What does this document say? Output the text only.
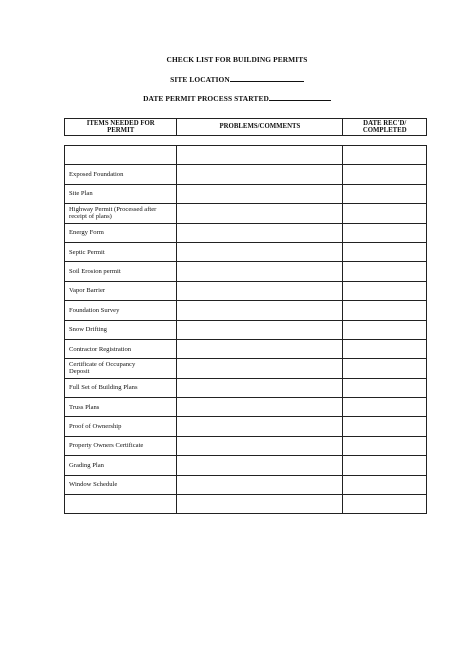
CHECK LIST FOR BUILDING PERMITS
SITE LOCATION
DATE PERMIT PROCESS STARTED
ITEMS NEEDED FOR
PERMIT
PROBLEMS/COMMENTS
DATE REC'D/
COMPLETED
Exposed Foundation
Site Plan
Highway Permit (Processed after
receipt of plans)
Energy Form
Septic Permit
Soil Erosion permit
Vapor Barrier
Foundation Survey
Snow Drifting
Contractor Registration
Certificate of Occupancy
Deposit
Full Set of Building Plans
Truss Plans
Proof of Ownership
Property Owners Certificate
Grading Plan
Window Schedule
